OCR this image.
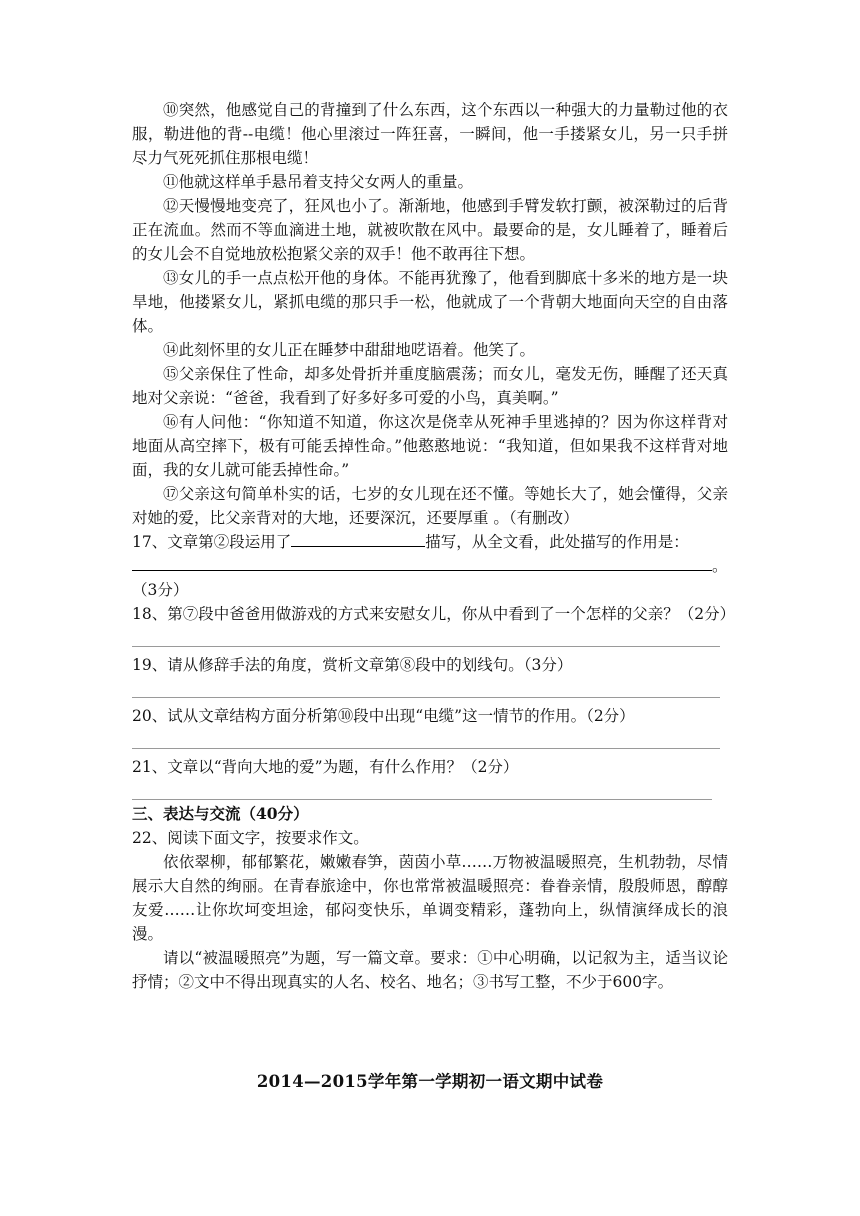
⑩突然，他感觉自己的背撞到了什么东西，这个东西以一种强大的力量勒过他的衣服，勒进他的背--电缆！他心里滚过一阵狂喜，一瞬间，他一手搂紧女儿，另一只手拼尽力气死死抓住那根电缆！

⑪他就这样单手悬吊着支持父女两人的重量。

⑫天慢慢地变亮了，狂风也小了。渐渐地，他感到手臂发软打颤，被深勒过的后背正在流血。然而不等血滴进土地，就被吹散在风中。最要命的是，女儿睡着了，睡着后的女儿会不自觉地放松抱紧父亲的双手！他不敢再往下想。

⑬女儿的手一点点松开他的身体。不能再犹豫了，他看到脚底十多米的地方是一块旱地，他搂紧女儿，紧抓电缆的那只手一松，他就成了一个背朝大地面向天空的自由落体。

⑭此刻怀里的女儿正在睡梦中甜甜地呓语着。他笑了。

⑮父亲保住了性命，却多处骨折并重度脑震荡；而女儿，毫发无伤，睡醒了还天真地对父亲说：“爸爸，我看到了好多好多可爱的小鸟，真美啊。”

⑯有人问他：“你知道不知道，你这次是侥幸从死神手里逃掉的？因为你这样背对地面从高空摔下，极有可能丢掉性命。”他憨憨地说：“我知道，但如果我不这样背对地面，我的女儿就可能丢掉性命。”

⑰父亲这句简单朴实的话，七岁的女儿现在还不懂。等她长大了，她会懂得，父亲对她的爱，比父亲背对的大地，还要深沉，还要厚重 。（有删改）

17、文章第②段运用了	描写，从全文看，此处描写的作用是：。
（3分）

18、第⑦段中爸爸用做游戏的方式来安慰女儿，你从中看到了一个怎样的父亲？（2分）

19、请从修辞手法的角度，赏析文章第⑧段中的划线句。（3分）

20、试从文章结构方面分析第⑩段中出现“电缆”这一情节的作用。（2分）

21、文章以“背向大地的爱”为题，有什么作用？（2分）

三、表达与交流（40分）

22、阅读下面文字，按要求作文。

依依翠柳，郁郁繁花，嫩嫩春笋，茵茵小草……万物被温暖照亮，生机勃勃，尽情展示大自然的绚丽。在青春旅途中，你也常常被温暖照亮：眷眷亲情，殷殷师恩，醇醇友爱……让你坎坷变坦途，郁闷变快乐，单调变精彩，蓬勃向上，纵情演绎成长的浪漫。

请以“被温暖照亮”为题，写一篇文章。要求：①中心明确，以记叙为主，适当议论抒情；②文中不得出现真实的人名、校名、地名；③书写工整，不少于600字。

2014—2015学年第一学期初一语文期中试卷
